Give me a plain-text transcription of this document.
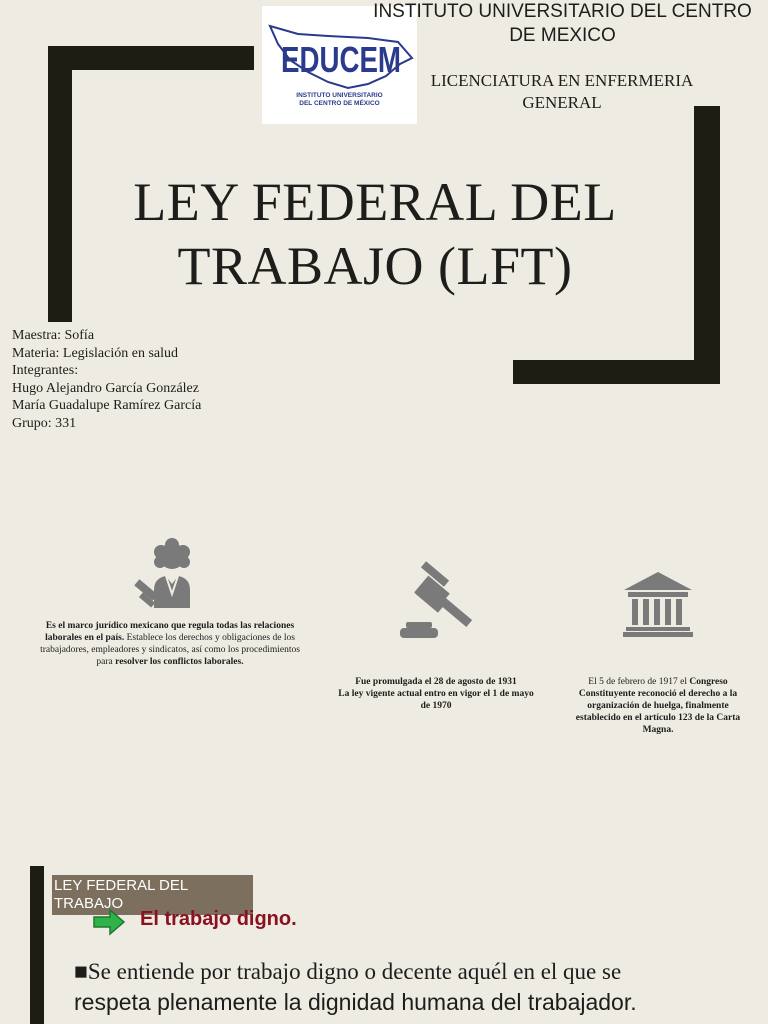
EDUCEM
INSTITUTO UNIVERSITARIO
DEL CENTRO DE MÉXICO
INSTITUTO UNIVERSITARIO DEL CENTRO
DE MEXICO
LICENCIATURA EN ENFERMERIA
GENERAL
LEY FEDERAL DEL
TRABAJO (LFT)
Maestra: Sofía
Materia: Legislación en salud
Integrantes:
Hugo Alejandro García González
María Guadalupe Ramírez García
Grupo: 331
Es el marco jurídico mexicano que regula todas las relaciones laborales en el país. Establece los derechos y obligaciones de los trabajadores, empleadores y sindicatos, así como los procedimientos para resolver los conflictos laborales.
Fue promulgada el 28 de agosto de 1931
La ley vigente actual entro en vigor el 1 de mayo de 1970
El 5 de febrero de 1917 el Congreso Constituyente reconoció el derecho a la organización de huelga, finalmente establecido en el artículo 123 de la Carta Magna.
LEY FEDERAL DEL TRABAJO
El trabajo digno.
■Se entiende por trabajo digno o decente aquél en el que se
respeta plenamente la dignidad humana del trabajador.
